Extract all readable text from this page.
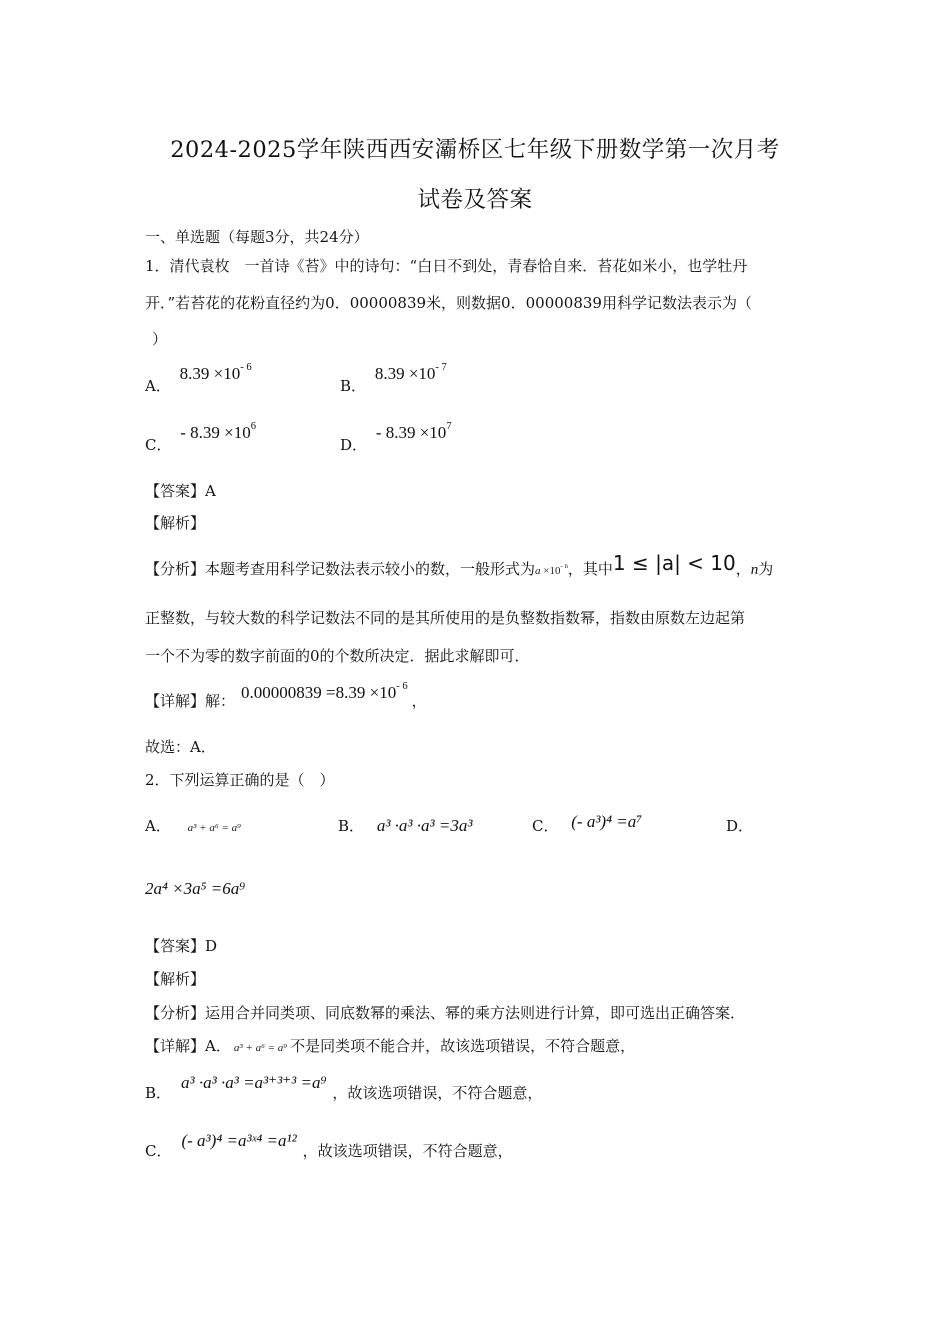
2024-2025学年陕西西安灞桥区七年级下册数学第一次月考
试卷及答案
一、单选题（每题3分，共24分）
1．清代袁枚　一首诗《苔》中的诗句：“白日不到处，青春恰自来．苔花如米小，也学牡丹
开．”若苔花的花粉直径约为0．00000839米，则数据0．00000839用科学记数法表示为（
）
A． $8.39 \times 10^{- 6}$
B． $8.39 \times 10^{- 7}$
C． - $8.39 \times 10^6$
D． - $8.39 \times 10^7$
【答案】A
【解析】
【分析】本题考查用科学记数法表示较小的数，一般形式为$a \times 10^{- n}$，其中1 ≤ |a| < 10，n为
正整数，与较大数的科学记数法不同的是其所使用的是负整数指数幂，指数由原数左边起第
一个不为零的数字前面的0的个数所决定．据此求解即可．
【详解】解： $0.00000839 =8.39 \times 10^{- 6}$，
故选：A．
2．下列运算正确的是（　）
A． a³ + a⁶ = a⁹	B． a³ ·a³ ·a³ =3a³	C． (- a³)⁴ =a⁷	D．
2a⁴ ×3a⁵ =6a⁹
【答案】D
【解析】
【分析】运用合并同类项、同底数幂的乘法、幂的乘方法则进行计算，即可选出正确答案．
【详解】A． a³ + a⁶ = a⁹ 不是同类项不能合并，故该选项错误，不符合题意，
B．a³ ·a³ ·a³ =a³⁺³⁺³ =a⁹，故该选项错误，不符合题意，
C．(- a³)⁴ =a³ˣ⁴ =a¹²，故该选项错误，不符合题意，
